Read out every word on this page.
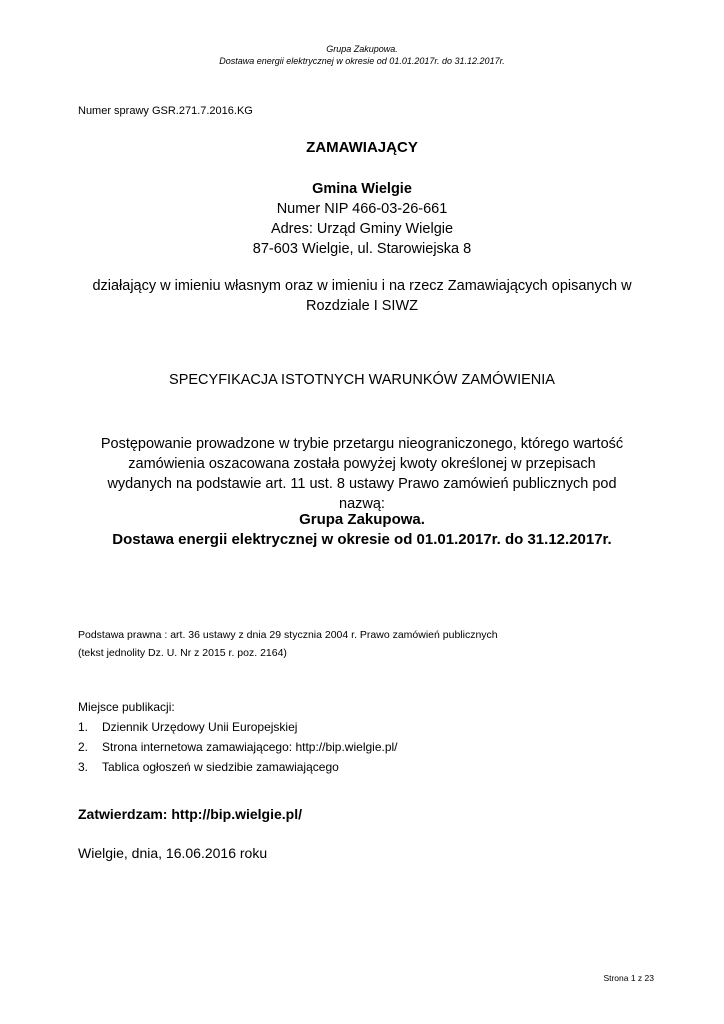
Grupa Zakupowa.
Dostawa energii elektrycznej w okresie od 01.01.2017r. do 31.12.2017r.
Numer sprawy GSR.271.7.2016.KG
ZAMAWIAJĄCY
Gmina Wielgie
Numer NIP 466-03-26-661
Adres: Urząd Gminy Wielgie
87-603 Wielgie, ul. Starowiejska 8
działający w imieniu własnym oraz w imieniu i na rzecz Zamawiających opisanych w Rozdziale I SIWZ
SPECYFIKACJA ISTOTNYCH WARUNKÓW ZAMÓWIENIA
Postępowanie prowadzone w trybie przetargu nieograniczonego, którego wartość zamówienia oszacowana została powyżej kwoty określonej w przepisach wydanych na podstawie art. 11 ust. 8 ustawy Prawo zamówień publicznych pod nazwą:
Grupa Zakupowa.
Dostawa energii elektrycznej w okresie od 01.01.2017r. do 31.12.2017r.
Podstawa prawna : art. 36 ustawy z dnia 29 stycznia 2004 r. Prawo zamówień publicznych
(tekst jednolity Dz. U. Nr z 2015 r. poz. 2164)
Miejsce publikacji:
1.	Dziennik Urzędowy Unii Europejskiej
2.	Strona internetowa zamawiającego: http://bip.wielgie.pl/
3.	Tablica ogłoszeń w siedzibie zamawiającego
Zatwierdzam: http://bip.wielgie.pl/
Wielgie, dnia, 16.06.2016 roku
Strona 1 z 23
